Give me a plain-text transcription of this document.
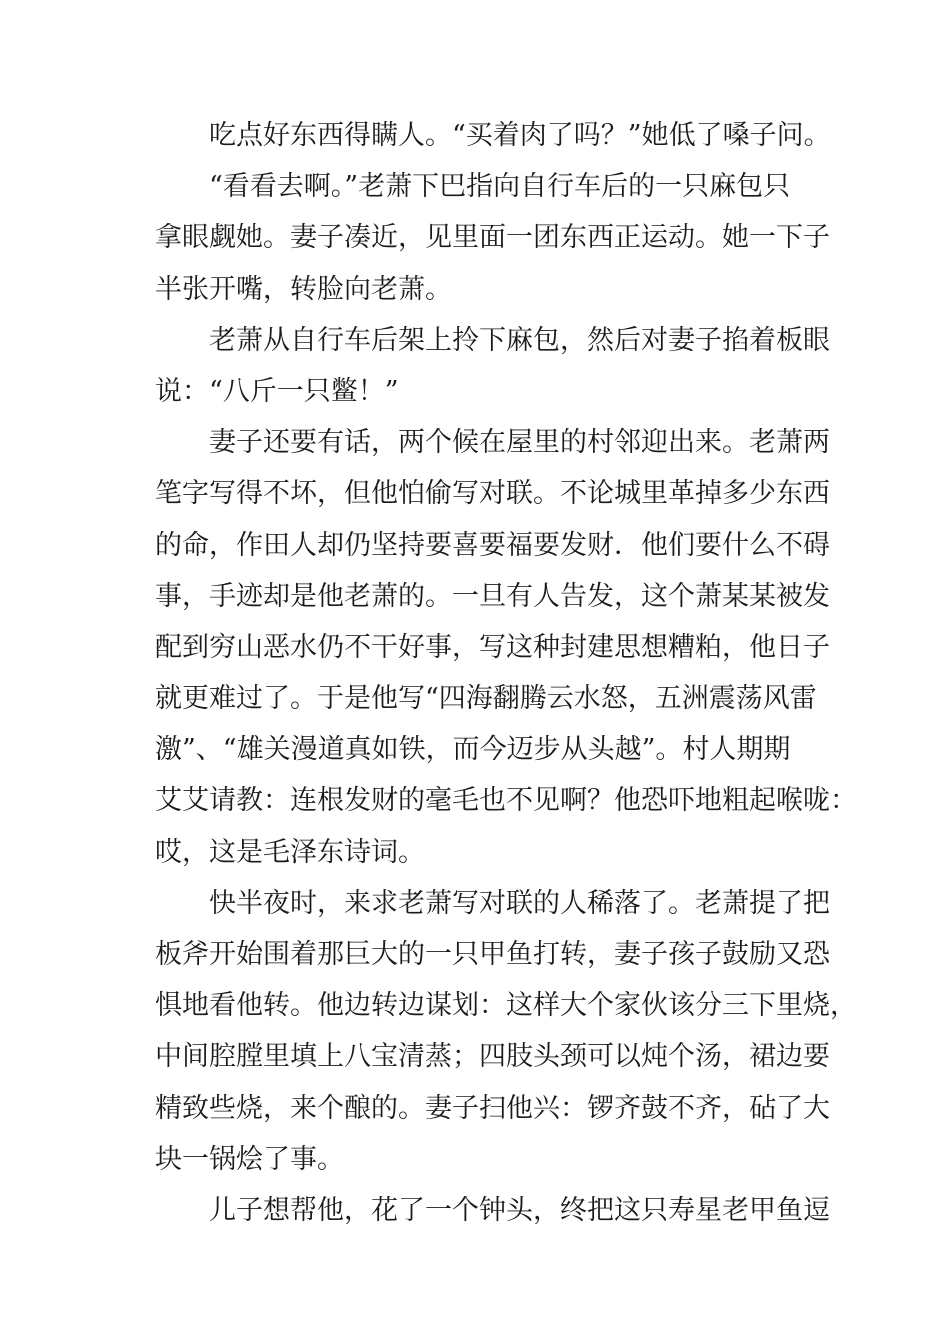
吃点好东西得瞒人。“买着肉了吗？”她低了嗓子问。
“看看去啊。”老萧下巴指向自行车后的一只麻包只
拿眼觑她。妻子凑近，见里面一团东西正运动。她一下子
半张开嘴，转脸向老萧。
老萧从自行车后架上拎下麻包，然后对妻子掐着板眼
说：“八斤一只鳖！”
妻子还要有话，两个候在屋里的村邻迎出来。老萧两
笔字写得不坏，但他怕偷写对联。不论城里革掉多少东西
的命，作田人却仍坚持要喜要福要发财．他们要什么不碍
事，手迹却是他老萧的。一旦有人告发，这个萧某某被发
配到穷山恶水仍不干好事，写这种封建思想糟粕，他日子
就更难过了。于是他写“四海翻腾云水怒，五洲震荡风雷
激”、“雄关漫道真如铁，而今迈步从头越”。村人期期
艾艾请教：连根发财的毫毛也不见啊？他恐吓地粗起喉咙：
哎，这是毛泽东诗词。
快半夜时，来求老萧写对联的人稀落了。老萧提了把
板斧开始围着那巨大的一只甲鱼打转，妻子孩子鼓励又恐
惧地看他转。他边转边谋划：这样大个家伙该分三下里烧，
中间腔膛里填上八宝清蒸；四肢头颈可以炖个汤，裙边要
精致些烧，来个酿的。妻子扫他兴：锣齐鼓不齐，砧了大
块一锅烩了事。
儿子想帮他，花了一个钟头，终把这只寿星老甲鱼逗
